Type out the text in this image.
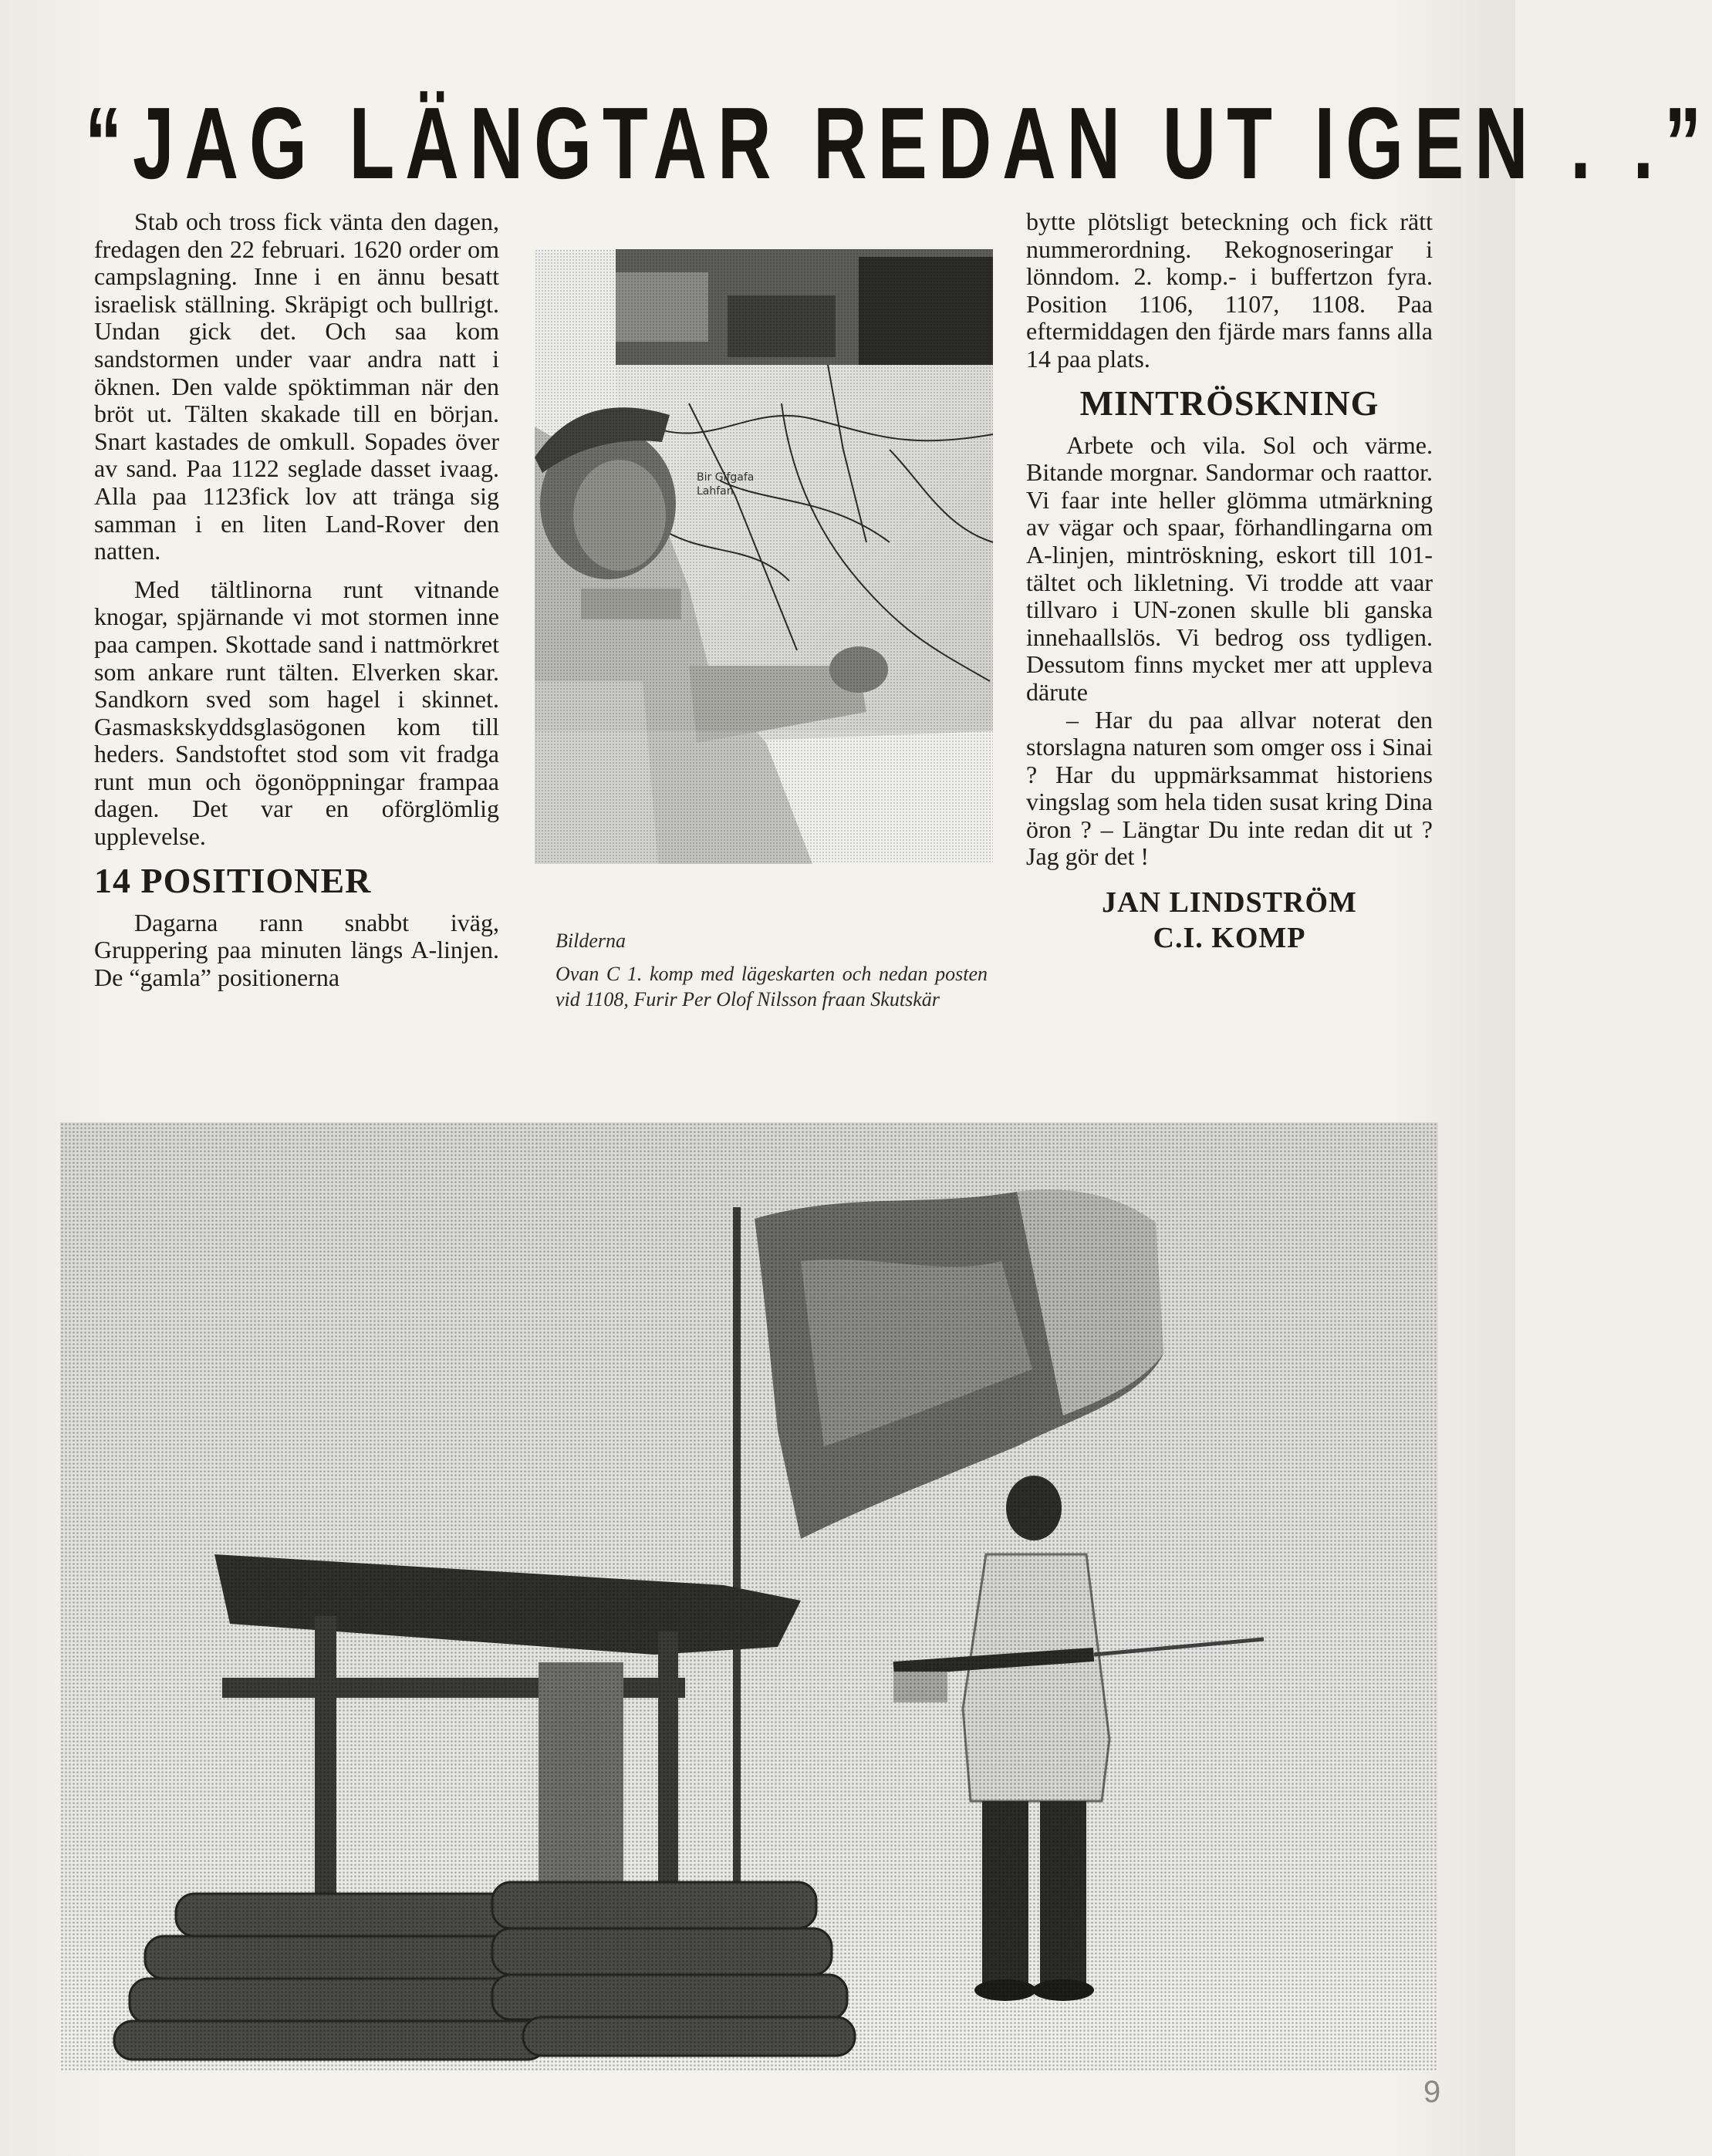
“JAG LÄNGTAR REDAN UT IGEN . .”

Stab och tross fick vänta den dagen, fredagen den 22 februari. 1620 order om campslagning. Inne i en ännu besatt israelisk ställning. Skräpigt och bullrigt. Undan gick det. Och saa kom sandstormen under vaar andra natt i öknen. Den valde spöktimman när den bröt ut. Tälten skakade till en början. Snart kastades de omkull. Sopades över av sand. Paa 1122 seglade dasset ivaag. Alla paa 1123fick lov att tränga sig samman i en liten Land-Rover den natten.

Med tältlinorna runt vitnande knogar, spjärnande vi mot stormen inne paa campen. Skottade sand i nattmörkret som ankare runt tälten. Elverken skar. Sandkorn sved som hagel i skinnet. Gasmaskskyddsglasögonen kom till heders. Sandstoftet stod som vit fradga runt mun och ögonöppningar frampaa dagen. Det var en oförglömlig upplevelse.

14 POSITIONER

Dagarna rann snabbt iväg, Gruppering paa minuten längs A-linjen. De “gamla” positionerna

Bilderna
Ovan C 1. komp med lägeskarten och nedan posten vid 1108, Furir Per Olof Nilsson fraan Skutskär

bytte plötsligt beteckning och fick rätt nummerordning. Rekognoseringar i lönndom. 2. komp.- i buffertzon fyra. Position 1106, 1107, 1108. Paa eftermiddagen den fjärde mars fanns alla 14 paa plats.

MINTRÖSKNING

Arbete och vila. Sol och värme. Bitande morgnar. Sandormar och raattor. Vi faar inte heller glömma utmärkning av vägar och spaar, förhandlingarna om A-linjen, mintröskning, eskort till 101-tältet och likletning. Vi trodde att vaar tillvaro i UN-zonen skulle bli ganska innehaallslös. Vi bedrog oss tydligen. Dessutom finns mycket mer att uppleva därute

– Har du paa allvar noterat den storslagna naturen som omger oss i Sinai ? Har du uppmärksammat historiens vingslag som hela tiden susat kring Dina öron ? – Längtar Du inte redan dit ut ? Jag gör det !

JAN LINDSTRÖM
C.I. KOMP
9
